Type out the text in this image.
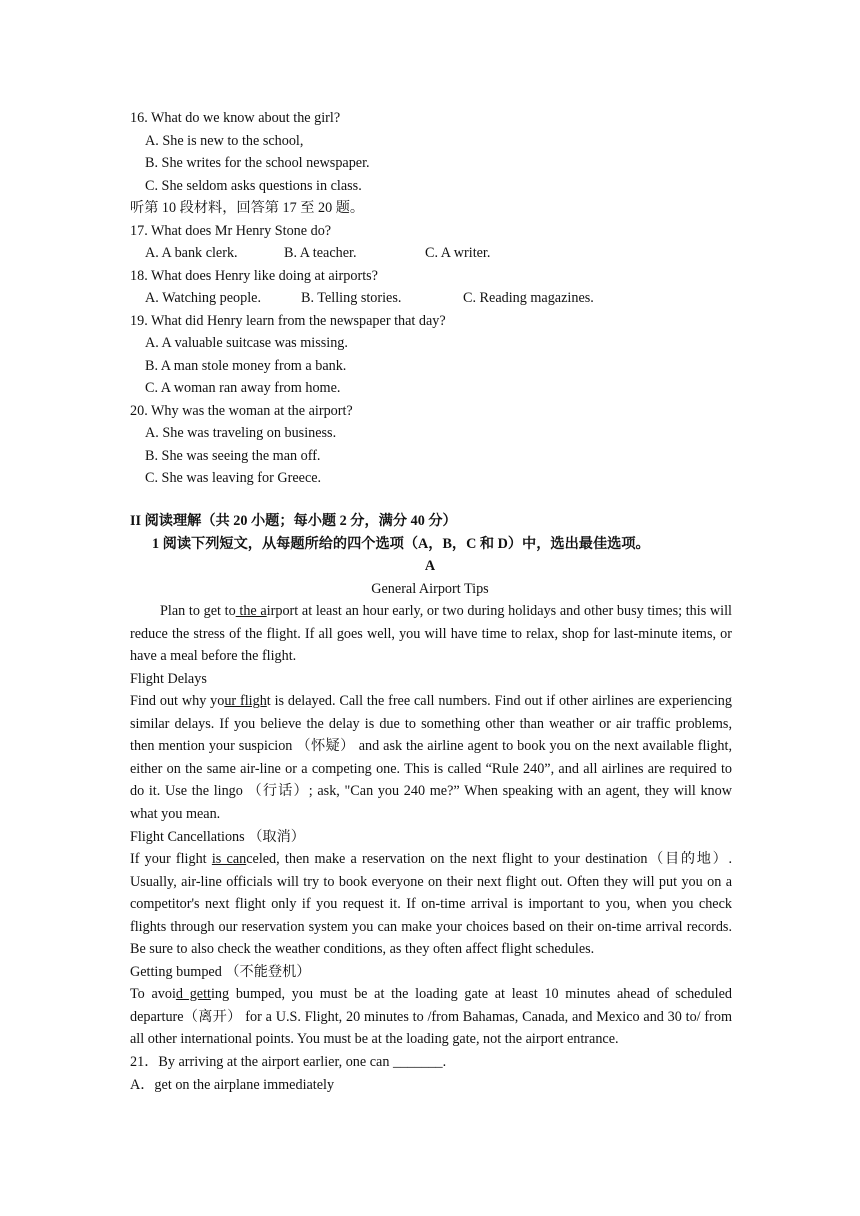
16. What do we know about the girl?
A. She is new to the school,
B. She writes for the school newspaper.
C. She seldom asks questions in class.
听第 10 段材料，回答第 17 至 20 题。
17. What does Mr Henry Stone do?
A. A bank clerk.	B. A teacher.	C. A writer.
18. What does Henry like doing at airports?
A. Watching people.	B. Telling stories.	C. Reading magazines.
19. What did Henry learn from the newspaper that day?
A. A valuable suitcase was missing.
B. A man stole money from a bank.
C. A woman ran away from home.
20. Why was the woman at the airport?
A. She was traveling on business.
B. She was seeing the man off.
C. She was leaving for Greece.
II 阅读理解（共 20 小题；每小题 2 分，满分 40 分）
1 阅读下列短文，从每题所给的四个选项（A，B，C 和 D）中，选出最佳选项。
A
General Airport Tips

Plan to get to the airport at least an hour early, or two during holidays and other busy times; this will reduce the stress of the flight. If all goes well, you will have time to relax, shop for last-minute items, or have a meal before the flight.

Flight Delays

Find out why your flight is delayed. Call the free call numbers. Find out if other airlines are experiencing similar delays. If you believe the delay is due to something other than weather or air traffic problems, then mention your suspicion （怀疑） and ask the airline agent to book you on the next available flight, either on the same air-line or a competing one. This is called “Rule 240”, and all airlines are required to do it. Use the lingo （行话）; ask, "Can you 240 me?” When speaking with an agent, they will know what you mean.

Flight Cancellations （取消）

If your flight is canceled, then make a reservation on the next flight to your destination（目的地）. Usually, air-line officials will try to book everyone on their next flight out. Often they will put you on a competitor's next flight only if you request it. If on-time arrival is important to you, when you check flights through our reservation system you can make your choices based on their on-time arrival records. Be sure to also check the weather conditions, as they often affect flight schedules.

Getting bumped （不能登机）

To avoid getting bumped, you must be at the loading gate at least 10 minutes ahead of scheduled departure（离开） for a U.S. Flight, 20 minutes to /from Bahamas, Canada, and Mexico and 30 to/ from all other international points. You must be at the loading gate, not the airport entrance.

21．By arriving at the airport earlier, one can _______.
A．get on the airplane immediately
